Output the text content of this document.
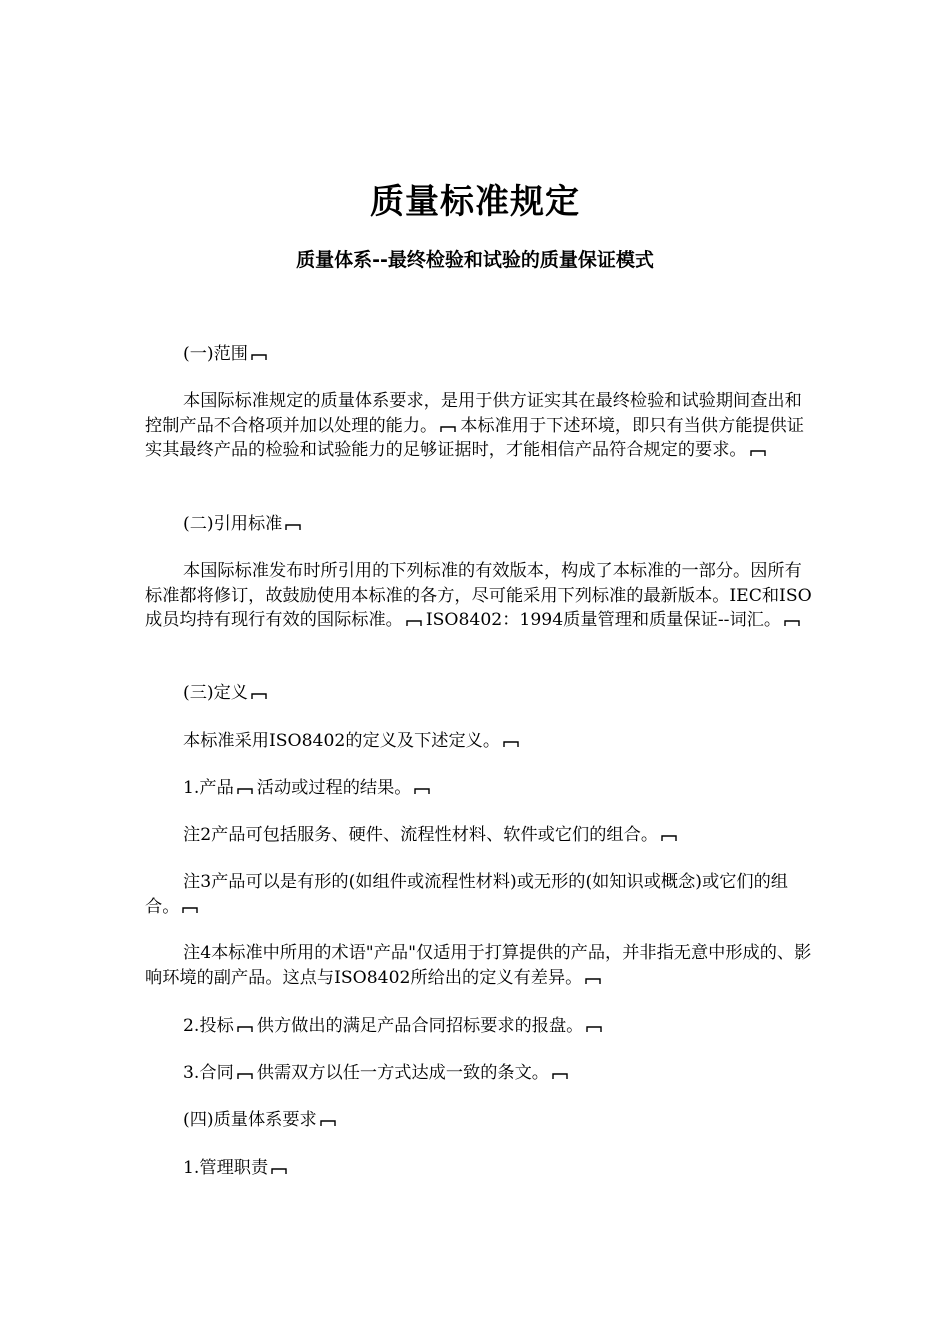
质量标准规定
质量体系--最终检验和试验的质量保证模式

(一)范围

本国际标准规定的质量体系要求，是用于供方证实其在最终检验和试验期间查出和控制产品不合格项并加以处理的能力。 本标准用于下述环境，即只有当供方能提供证实其最终产品的检验和试验能力的足够证据时，才能相信产品符合规定的要求。

(二)引用标准

本国际标准发布时所引用的下列标准的有效版本，构成了本标准的一部分。因所有标准都将修订，故鼓励使用本标准的各方，尽可能采用下列标准的最新版本。IEC和ISO成员均持有现行有效的国际标准。 ISO8402：1994质量管理和质量保证--词汇。

(三)定义

本标准采用ISO8402的定义及下述定义。

1.产品 活动或过程的结果。

注2产品可包括服务、硬件、流程性材料、软件或它们的组合。

注3产品可以是有形的(如组件或流程性材料)或无形的(如知识或概念)或它们的组合。

注4本标准中所用的术语"产品"仅适用于打算提供的产品，并非指无意中形成的、影响环境的副产品。这点与ISO8402所给出的定义有差异。

2.投标 供方做出的满足产品合同招标要求的报盘。

3.合同 供需双方以任一方式达成一致的条文。

(四)质量体系要求

1.管理职责
